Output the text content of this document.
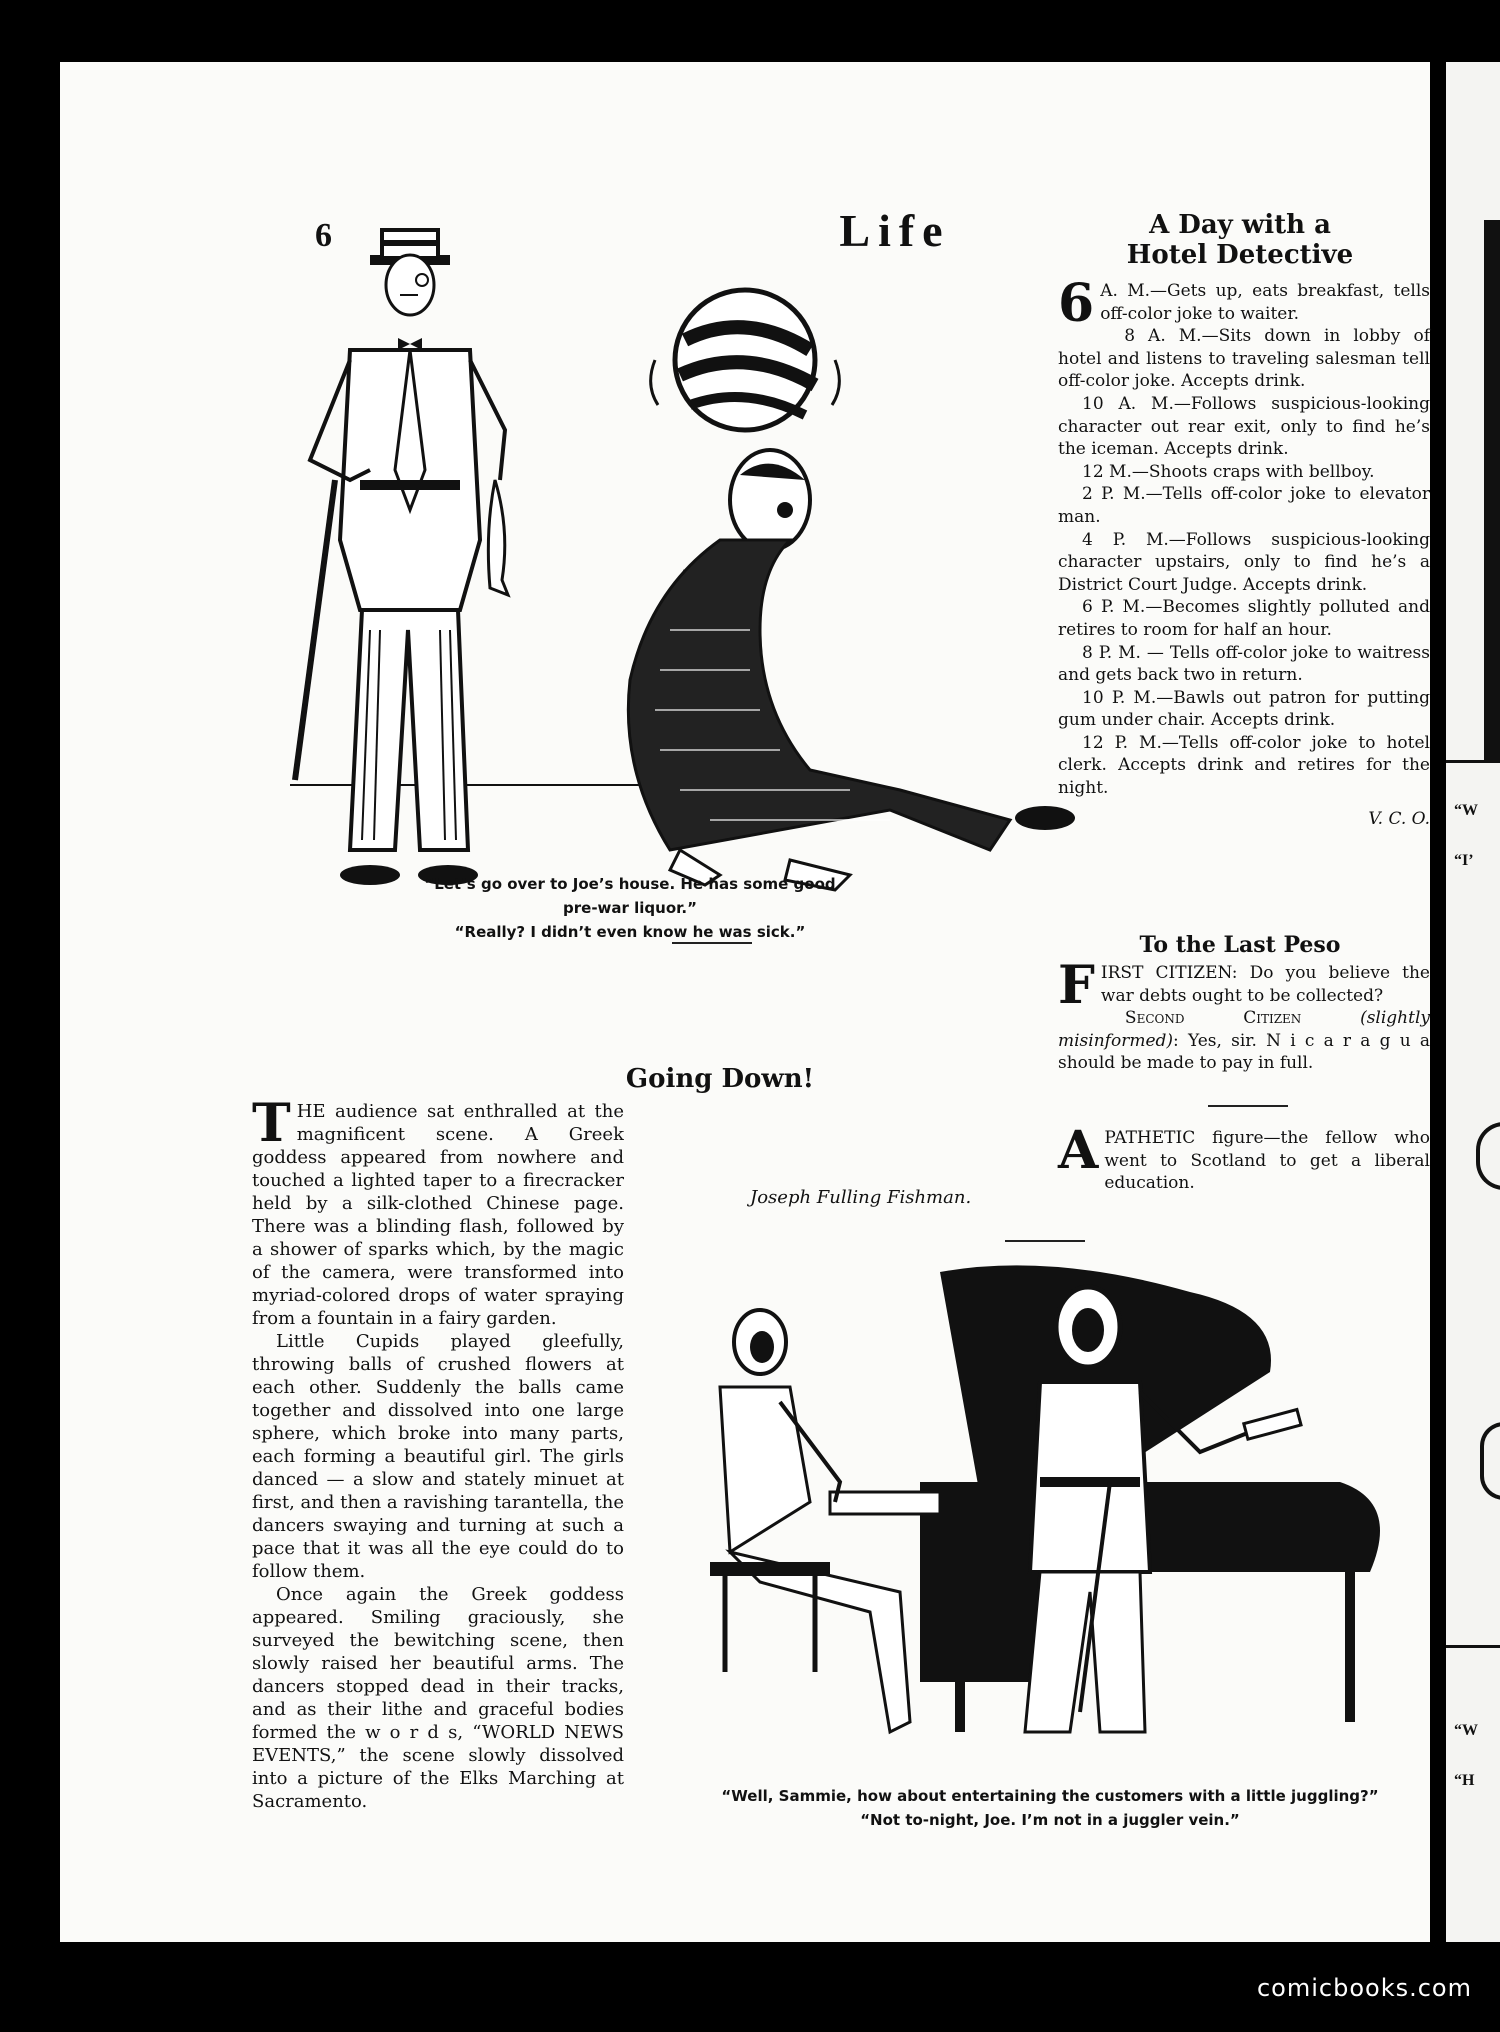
6	Life
“Let’s go over to Joe’s house. He has some good
pre-war liquor.”
“Really? I didn’t even know he was sick.”
A Day with a
Hotel Detective

6 A. M.—Gets up, eats breakfast, tells off-color joke to waiter.

8 A. M.—Sits down in lobby of hotel and listens to traveling salesman tell off-color joke. Accepts drink.

10 A. M.—Follows suspicious-looking character out rear exit, only to find he’s the iceman. Accepts drink.

12 M.—Shoots craps with bellboy.

2 P. M.—Tells off-color joke to elevator man.

4 P. M.—Follows suspicious-looking character upstairs, only to find he’s a District Court Judge. Accepts drink.

6 P. M.—Becomes slightly polluted and retires to room for half an hour.

8 P. M. — Tells off-color joke to waitress and gets back two in return.

10 P. M.—Bawls out patron for putting gum under chair. Accepts drink.

12 P. M.—Tells off-color joke to hotel clerk. Accepts drink and retires for the night.

V. C. O.

To the Last Peso

FIRST CITIZEN: Do you believe the war debts ought to be collected?

Second Citizen	(slightly misinformed): Yes, sir. N i c a r a g u a should be made to pay in full.

APATHETIC figure—the fellow who went to Scotland to get a liberal education.

Going Down!

THE audience sat enthralled at the magnificent scene. A Greek goddess appeared from nowhere and touched a lighted taper to a firecracker held by a silk-clothed Chinese page. There was a blinding flash, followed by a shower of sparks which, by the magic of the camera, were transformed into myriad-colored drops of water spraying from a fountain in a fairy garden.

Little Cupids played gleefully, throwing balls of crushed flowers at each other. Suddenly the balls came together and dissolved into one large sphere, which broke into many parts, each forming a beautiful girl. The girls danced — a slow and stately minuet at first, and then a ravishing tarantella, the dancers swaying and turning at such a pace that it was all the eye could do to follow them.

Once again the Greek goddess appeared. Smiling graciously, she surveyed the bewitching scene, then slowly raised her beautiful arms. The dancers stopped dead in their tracks, and as their lithe and graceful bodies formed the w o r d s, “WORLD NEWS EVENTS,” the scene slowly dissolved into a picture of the Elks Marching at Sacramento.

Joseph Fulling Fishman.
“Well, Sammie, how about entertaining the customers with a little juggling?”
“Not to-night, Joe. I’m not in a juggler vein.”
“W
“I’
“W
“H
comicbooks.com
